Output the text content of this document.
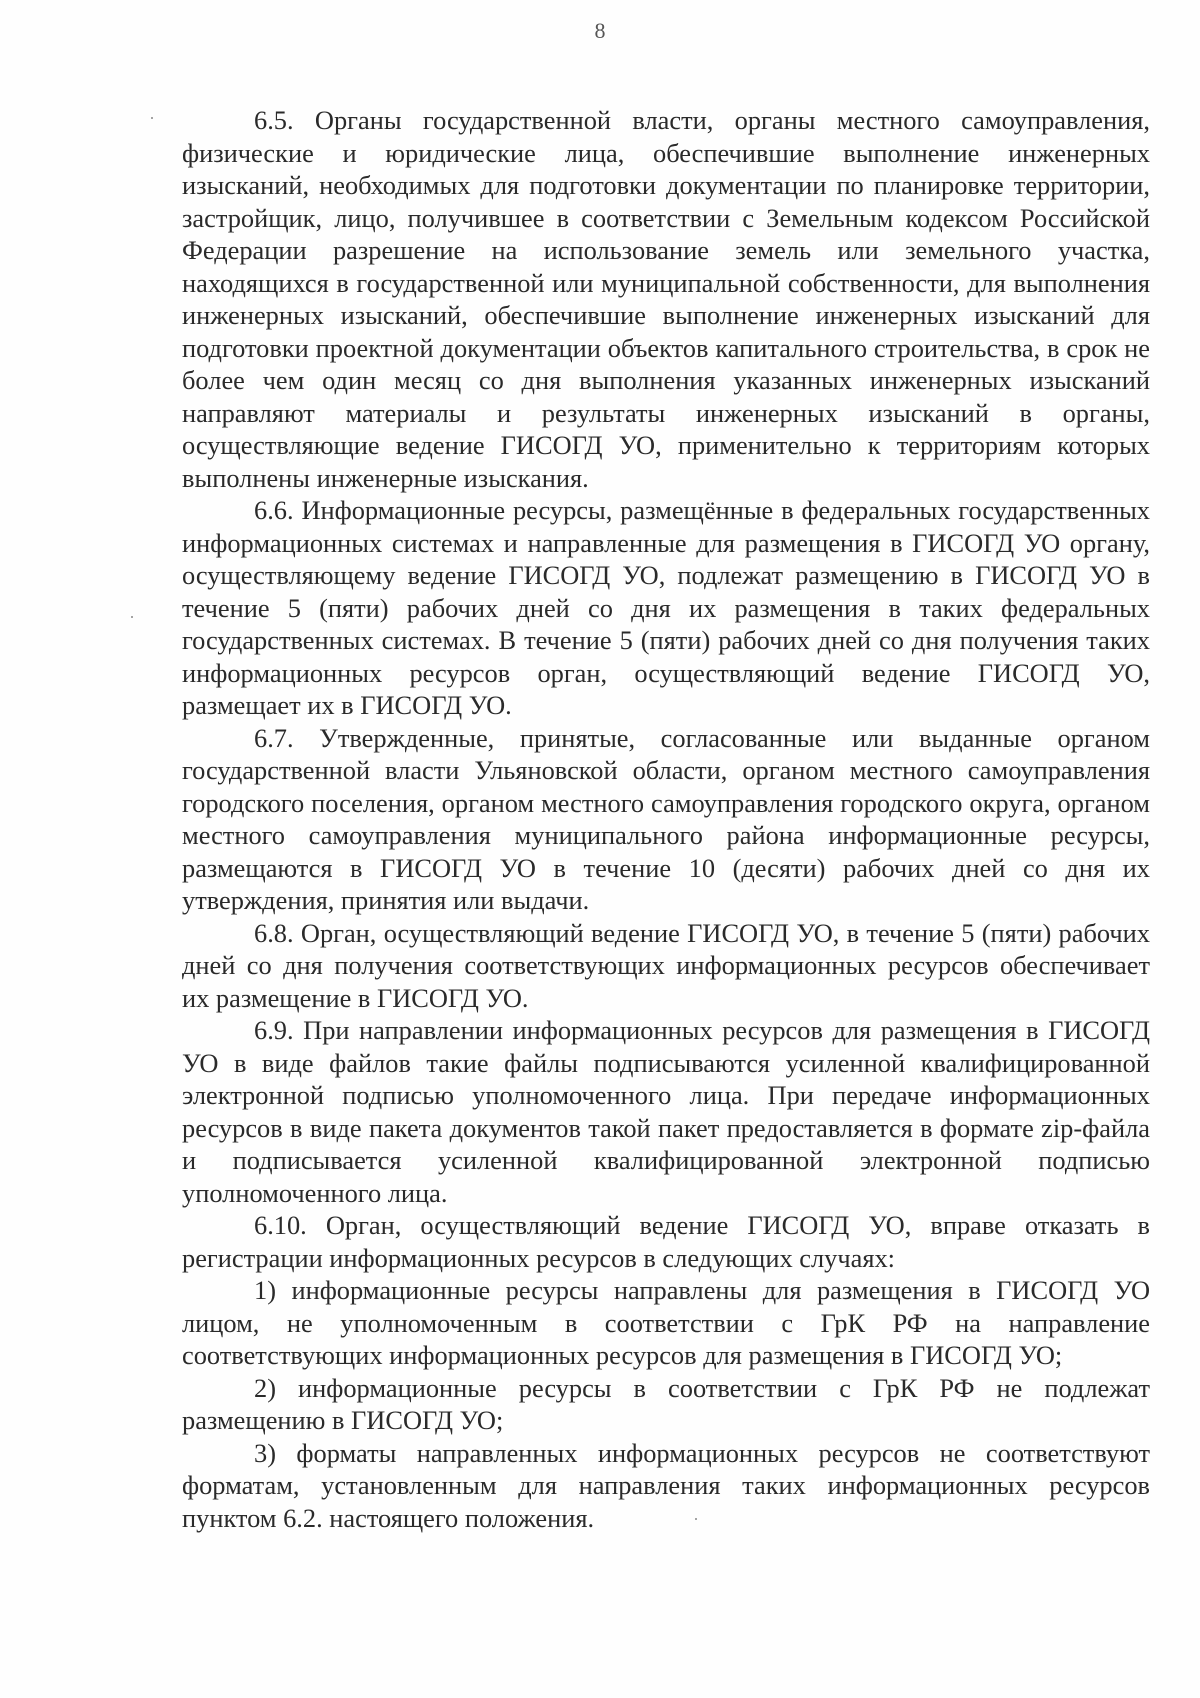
8

6.5. Органы государственной власти, органы местного самоуправления, физические и юридические лица, обеспечившие выполнение инженерных изысканий, необходимых для подготовки документации по планировке территории, застройщик, лицо, получившее в соответствии с Земельным кодексом Российской Федерации разрешение на использование земель или земельного участка, находящихся в государственной или муниципальной собственности, для выполнения инженерных изысканий, обеспечившие выполнение инженерных изысканий для подготовки проектной документации объектов капитального строительства, в срок не более чем один месяц со дня выполнения указанных инженерных изысканий направляют материалы и результаты инженерных изысканий в органы, осуществляющие ведение ГИСОГД УО, применительно к территориям которых выполнены инженерные изыскания.

6.6. Информационные ресурсы, размещённые в федеральных государственных информационных системах и направленные для размещения в ГИСОГД УО органу, осуществляющему ведение ГИСОГД УО, подлежат размещению в ГИСОГД УО в течение 5 (пяти) рабочих дней со дня их размещения в таких федеральных государственных системах. В течение 5 (пяти) рабочих дней со дня получения таких информационных ресурсов орган, осуществляющий ведение ГИСОГД УО, размещает их в ГИСОГД УО.

6.7. Утвержденные, принятые, согласованные или выданные органом государственной власти Ульяновской области, органом местного самоуправления городского поселения, органом местного самоуправления городского округа, органом местного самоуправления муниципального района информационные ресурсы, размещаются в ГИСОГД УО в течение 10 (десяти) рабочих дней со дня их утверждения, принятия или выдачи.

6.8. Орган, осуществляющий ведение ГИСОГД УО, в течение 5 (пяти) рабочих дней со дня получения соответствующих информационных ресурсов обеспечивает их размещение в ГИСОГД УО.

6.9. При направлении информационных ресурсов для размещения в ГИСОГД УО в виде файлов такие файлы подписываются усиленной квалифицированной электронной подписью уполномоченного лица. При передаче информационных ресурсов в виде пакета документов такой пакет предоставляется в формате zip-файла и подписывается усиленной квалифицированной электронной подписью уполномоченного лица.

6.10. Орган, осуществляющий ведение ГИСОГД УО, вправе отказать в регистрации информационных ресурсов в следующих случаях:

1) информационные ресурсы направлены для размещения в ГИСОГД УО лицом, не уполномоченным в соответствии с ГрК РФ на направление соответствующих информационных ресурсов для размещения в ГИСОГД УО;

2) информационные ресурсы в соответствии с ГрК РФ не подлежат размещению в ГИСОГД УО;

3) форматы направленных информационных ресурсов не соответствуют форматам, установленным для направления таких информационных ресурсов пунктом 6.2. настоящего положения.
